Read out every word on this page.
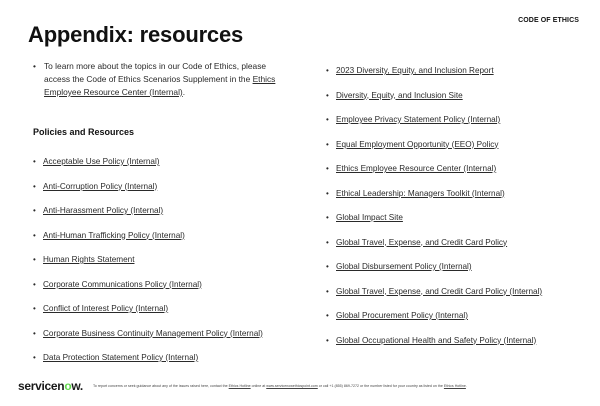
CODE OF ETHICS
Appendix: resources
• To learn more about the topics in our Code of Ethics, please access the Code of Ethics Scenarios Supplement in the Ethics Employee Resource Center (Internal).
Policies and Resources
• Acceptable Use Policy (Internal)
• Anti-Corruption Policy (Internal)
• Anti-Harassment Policy (Internal)
• Anti-Human Trafficking Policy (Internal)
• Human Rights Statement
• Corporate Communications Policy (Internal)
• Conflict of Interest Policy (Internal)
• Corporate Business Continuity Management Policy (Internal)
• Data Protection Statement Policy (Internal)
• 2023 Diversity, Equity, and Inclusion Report
• Diversity, Equity, and Inclusion Site
• Employee Privacy Statement Policy (Internal)
• Equal Employment Opportunity (EEO) Policy
• Ethics Employee Resource Center (Internal)
• Ethical Leadership: Managers Toolkit (Internal)
• Global Impact Site
• Global Travel, Expense, and Credit Card Policy
• Global Disbursement Policy (Internal)
• Global Travel, Expense, and Credit Card Policy (Internal)
• Global Procurement Policy (Internal)
• Global Occupational Health and Safety Policy (Internal)
servicenow.	To report concerns or seek guidance about any of the issues raised here, contact the Ethics Hotline online at www.servicenowethicspoint.com or call +1 (855) 869-7272 or the number listed for your country as listed on the Ethics Hotline.
